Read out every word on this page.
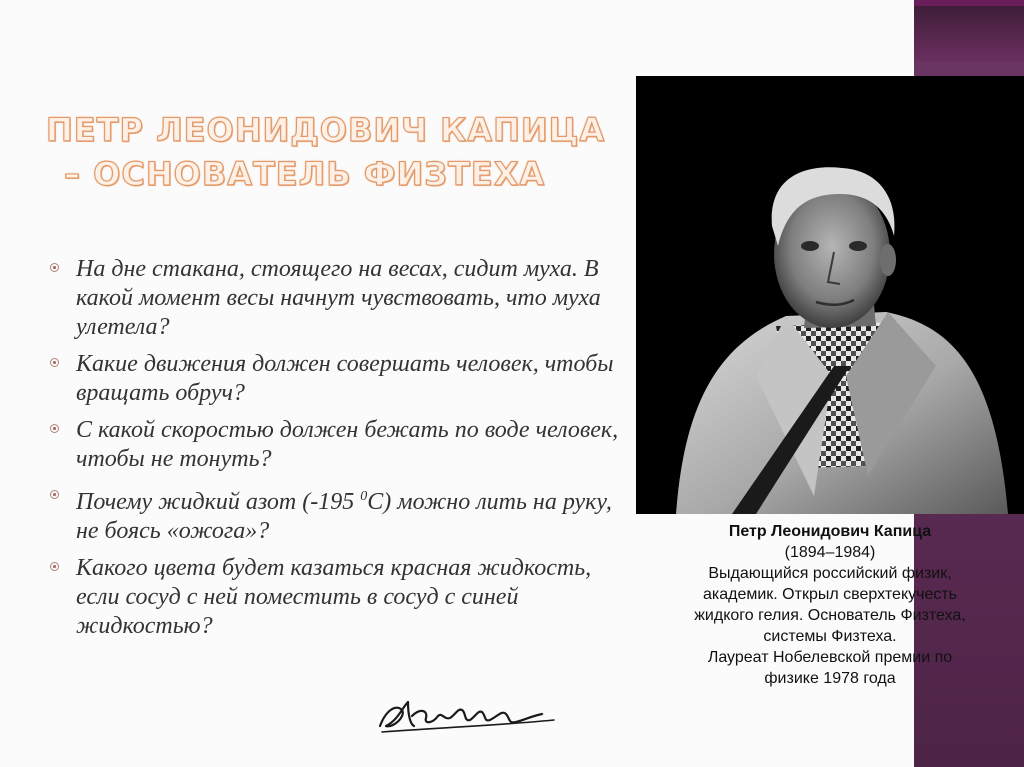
ПЕТР ЛЕОНИДОВИЧ КАПИЦА
– ОСНОВАТЕЛЬ ФИЗТЕХА
На дне стакана, стоящего на весах, сидит муха. В какой момент весы начнут чувствовать, что муха улетела?
Какие движения должен совершать человек, чтобы вращать обруч?
С какой скоростью должен бежать по воде человек, чтобы не тонуть?
Почему жидкий азот (-195 $^0$С) можно лить на руку, не боясь «ожога»?
Какого цвета будет казаться красная жидкость, если сосуд с ней поместить в сосуд с синей жидкостью?
Петр Леонидович Капица
(1894–1984)
Выдающийся российский физик,
академик. Открыл сверхтекучесть
жидкого гелия. Основатель Физтеха,
системы Физтеха.
Лауреат Нобелевской премии по
физике 1978 года
